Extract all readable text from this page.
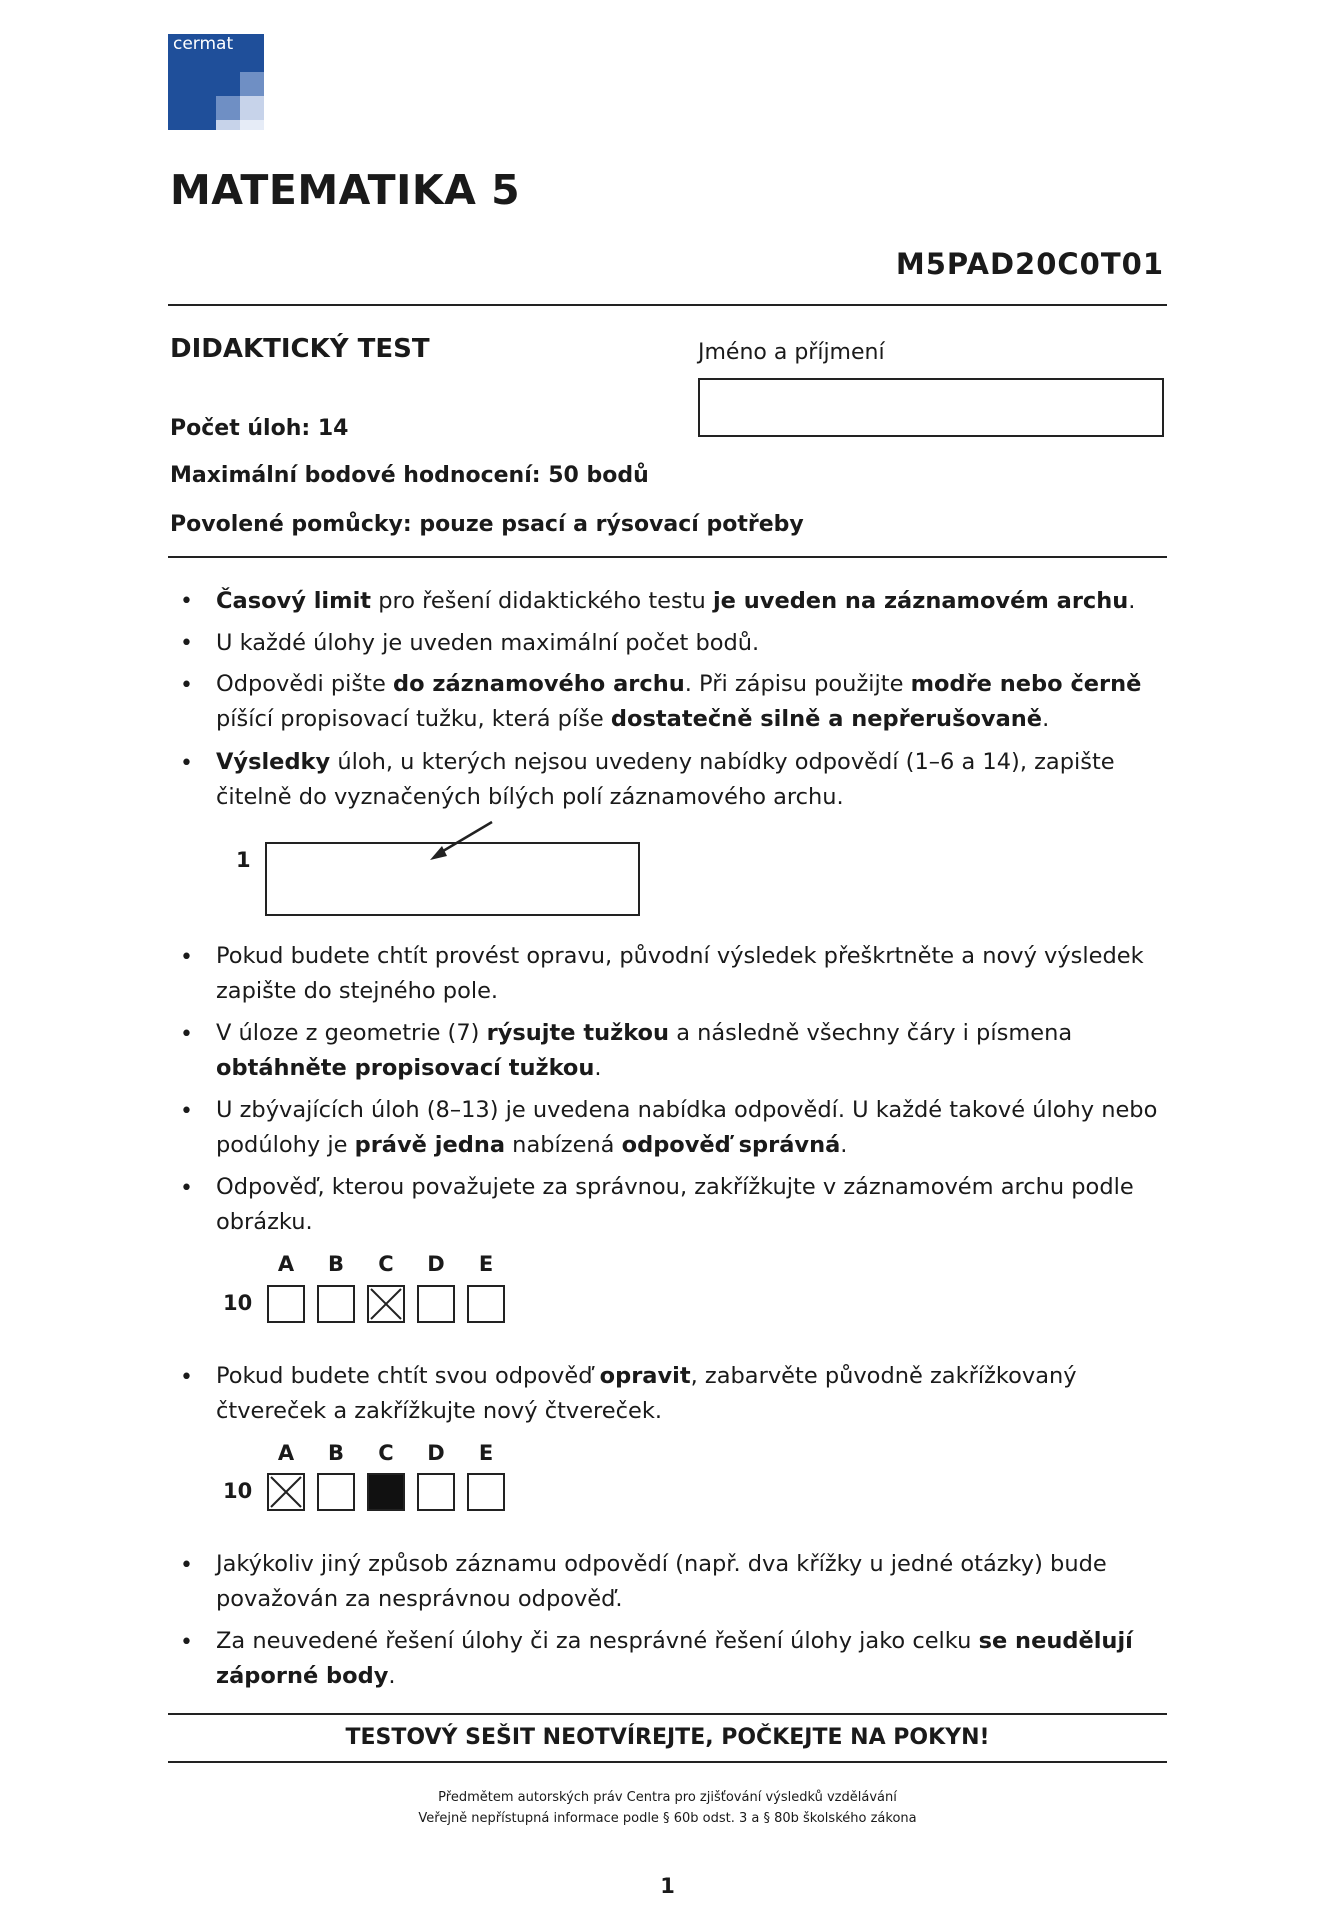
cermat
MATEMATIKA 5
M5PAD20C0T01
DIDAKTICKÝ TEST
Počet úloh: 14
Maximální bodové hodnocení: 50 bodů
Povolené pomůcky: pouze psací a rýsovací potřeby
Jméno a příjmení
• Časový limit pro řešení didaktického testu je uveden na záznamovém archu.
• U každé úlohy je uveden maximální počet bodů.
• Odpovědi pište do záznamového archu. Při zápisu použijte modře nebo černě píšící propisovací tužku, která píše dostatečně silně a nepřerušovaně.
• Výsledky úloh, u kterých nejsou uvedeny nabídky odpovědí (1–6 a 14), zapište čitelně do vyznačených bílých polí záznamového archu.
1
• Pokud budete chtít provést opravu, původní výsledek přeškrtněte a nový výsledek zapište do stejného pole.
• V úloze z geometrie (7) rýsujte tužkou a následně všechny čáry i písmena obtáhněte propisovací tužkou.
• U zbývajících úloh (8–13) je uvedena nabídka odpovědí. U každé takové úlohy nebo podúlohy je právě jedna nabízená odpověď správná.
• Odpověď, kterou považujete za správnou, zakřížkujte v záznamovém archu podle obrázku.
A	B	C	D	E
10
• Pokud budete chtít svou odpověď opravit, zabarvěte původně zakřížkovaný čtvereček a zakřížkujte nový čtvereček.
A	B	C	D	E
10
• Jakýkoliv jiný způsob záznamu odpovědí (např. dva křížky u jedné otázky) bude považován za nesprávnou odpověď.
• Za neuvedené řešení úlohy či za nesprávné řešení úlohy jako celku se neudělují záporné body.
TESTOVÝ SEŠIT NEOTVÍREJTE, POČKEJTE NA POKYN!
Předmětem autorských práv Centra pro zjišťování výsledků vzdělávání
Veřejně nepřístupná informace podle § 60b odst. 3 a § 80b školského zákona
1
